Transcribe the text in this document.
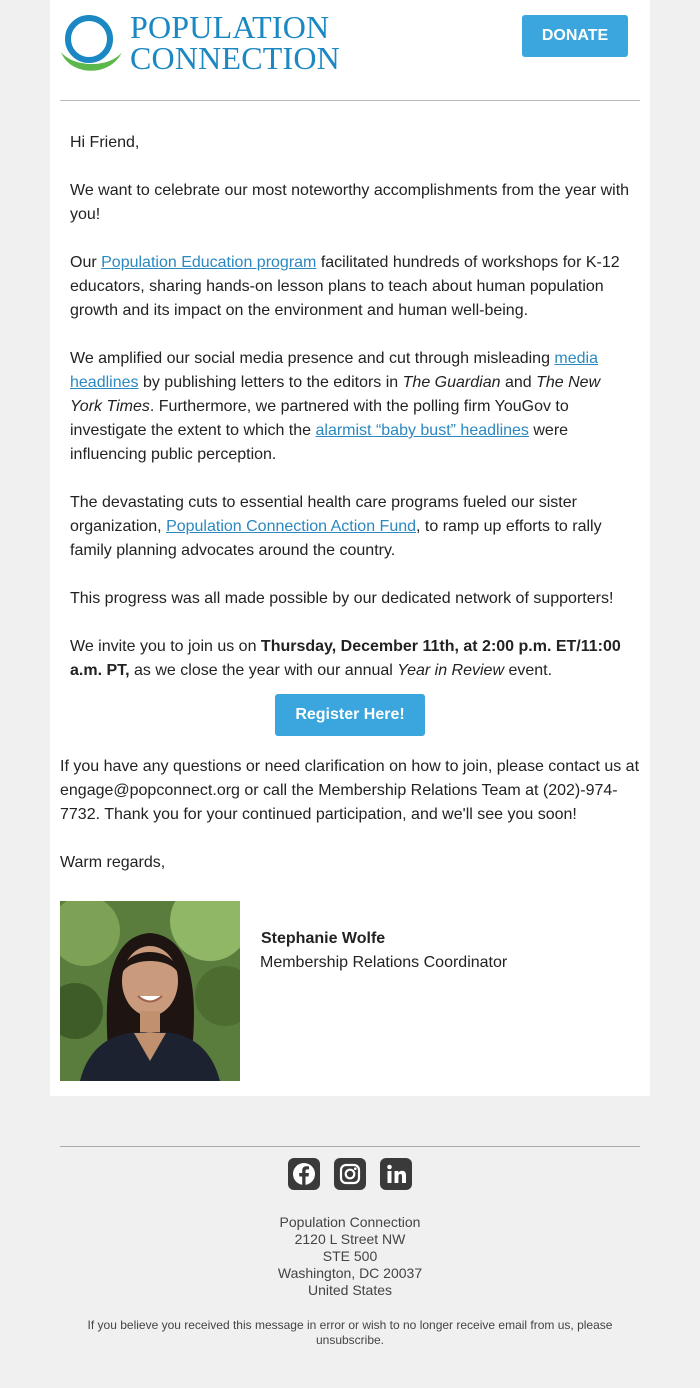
POPULATION
CONNECTION
DONATE
Hi Friend,
We want to celebrate our most noteworthy accomplishments from the year with you!
Our Population Education program facilitated hundreds of workshops for K-12 educators, sharing hands-on lesson plans to teach about human population growth and its impact on the environment and human well-being.
We amplified our social media presence and cut through misleading media headlines by publishing letters to the editors in The Guardian and The New York Times. Furthermore, we partnered with the polling firm YouGov to investigate the extent to which the alarmist “baby bust” headlines were influencing public perception.
The devastating cuts to essential health care programs fueled our sister organization, Population Connection Action Fund, to ramp up efforts to rally family planning advocates around the country.
This progress was all made possible by our dedicated network of supporters!
We invite you to join us on Thursday, December 11th, at 2:00 p.m. ET/11:00 a.m. PT, as we close the year with our annual Year in Review event.
Register Here!
If you have any questions or need clarification on how to join, please contact us at engage@popconnect.org or call the Membership Relations Team at (202)-974-7732. Thank you for your continued participation, and we'll see you soon!
Warm regards,
Stephanie Wolfe
Membership Relations Coordinator
Population Connection
2120 L Street NW
STE 500
Washington, DC 20037
United States
If you believe you received this message in error or wish to no longer receive email from us, please unsubscribe.
